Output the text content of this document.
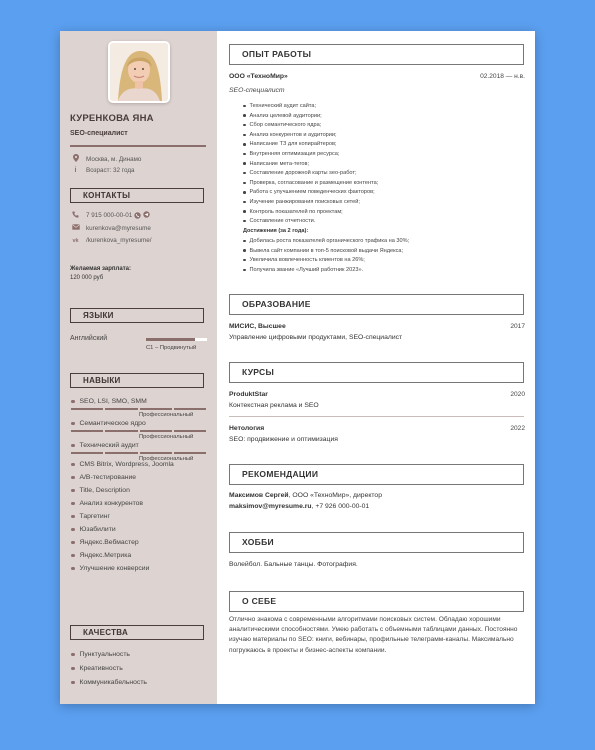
КУРЕНКОВА ЯНА
SEO-специалист
Москва, м. Динамо
i	Возраст: 32 года
КОНТАКТЫ
7 915 000-00-01
kurenkova@myresume
vk /kurenkova_myresume/
Желаемая зарплата:
120 000 руб
ЯЗЫКИ
Английский
C1 – Продвинутый
НАВЫКИ
SEO, LSI, SMO, SMM
Профессиональный
Семантическое ядро
Профессиональный
Технический аудит
Профессиональный
CMS Bitrix, Wordpress, Joomla
A/B-тестирование
Title, Description
Анализ конкурентов
Таргетинг
Юзабилити
Яндекс.Вебмастер
Яндекс.Метрика
Улучшение конверсии
КАЧЕСТВА
Пунктуальность
Креативность
Коммуникабельность
ОПЫТ РАБОТЫ
ООО «ТехноМир»	02.2018 — н.в.
SEO-специалист
Технический аудит сайта;
Анализ целевой аудитории;
Сбор семантического ядра;
Анализ конкурентов и аудитории;
Написание ТЗ для копирайтеров;
Внутренняя оптимизация ресурса;
Написание мета-тегов;
Составление дорожной карты seo-работ;
Проверка, согласование и размещение контента;
Работа с улучшением поведенческих факторов;
Изучение ранжирования поисковых сетей;
Контроль показателей по проектам;
Составление отчетности.
Достижения (за 2 года):
Добилась роста показателей органического трафика на 30%;
Вывела сайт компании в топ-5 поисковой выдачи Яндекса;
Увеличила вовлеченность клиентов на 26%;
Получила звание «Лучший работник 2023».
ОБРАЗОВАНИЕ
МИСИС, Высшее	2017
Управление цифровыми продуктами, SEO-специалист
КУРСЫ
ProduktStar	2020
Контекстная реклама и SEO
Нетология	2022
SEO: продвижение и оптимизация
РЕКОМЕНДАЦИИ
Максимов Сергей, ООО «ТехноМир», директор
maksimov@myresume.ru, +7 926 000-00-01
ХОББИ
Волейбол. Бальные танцы. Фотография.
О СЕБЕ
Отлично знакома с современными алгоритмами поисковых систем. Обладаю хорошими аналитическими способностями. Умею работать с объемными таблицами данных. Постоянно изучаю материалы по SEO: книги, вебинары, профильные телеграмм-каналы. Максимально погружаюсь в проекты и бизнес-аспекты компании.
